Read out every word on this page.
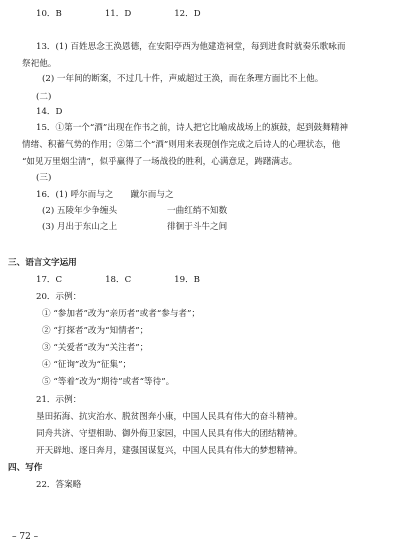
10．B　　　　　11．D　　　　　12．D
13．(1) 百姓思念王涣恩德，在安阳亭西为他建造祠堂，每到进食时就奏乐歌咏而
祭祀他。
(2) 一年间的断案，不过几十件，声威超过王涣，而在条理方面比不上他。
(二)
14．D
15．①第一个“酒”出现在作书之前，诗人把它比喻成战场上的旗鼓，起到鼓舞精神
情绪、积蓄气势的作用；②第二个“酒”则用来表现创作完成之后诗人的心理状态，他
“如见万里烟尘清”，似乎赢得了一场战役的胜利，心满意足，踌躇满志。
(三)
16．(1) 呼尔而与之　　蹴尔而与之
(2) 五陵年少争缠头	一曲红绡不知数
(3) 月出于东山之上	徘徊于斗牛之间
三、语言文字运用
17．C　　　　　18．C　　　　　19．B
20．示例：
① “参加者”改为“亲历者”或者“参与者”；
② “打探者”改为“知情者”；
③ “关爱者”改为“关注者”；
④ “征询”改为“征集”；
⑤ “等着”改为“期待”或者“等待”。
21．示例：
垦田拓海、抗灾治水、脱贫图奔小康，中国人民具有伟大的奋斗精神。
同舟共济、守望相助、御外侮卫家园，中国人民具有伟大的团结精神。
开天辟地、逐日奔月，建强国谋复兴，中国人民具有伟大的梦想精神。
四、写作
22．答案略
– 72 –
